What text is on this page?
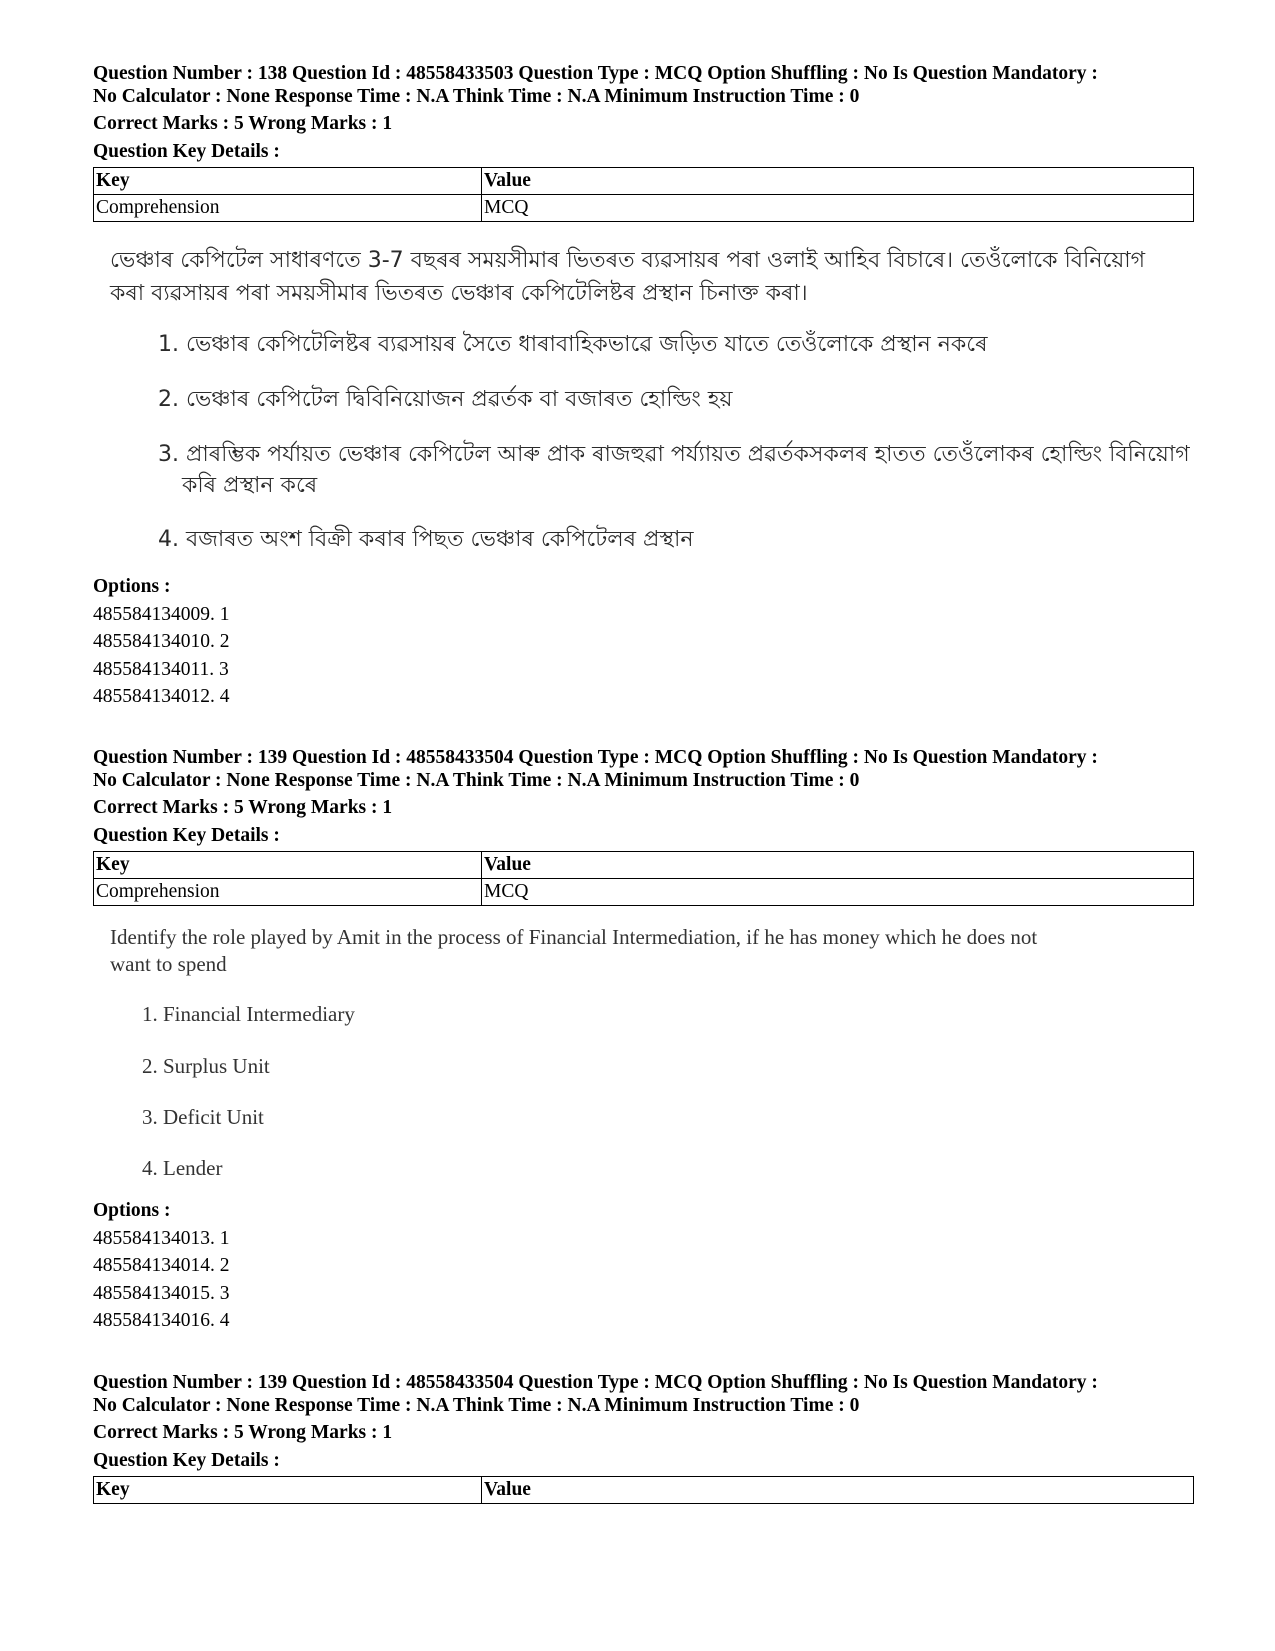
Question Number : 138 Question Id : 48558433503 Question Type : MCQ Option Shuffling : No Is Question Mandatory :

No Calculator : None Response Time : N.A Think Time : N.A Minimum Instruction Time : 0

Correct Marks : 5 Wrong Marks : 1

Question Key Details :

Key	Value
Comprehension	MCQ

ভেঞ্চাৰ কেপিটেল সাধাৰণতে 3-7 বছৰৰ সময়সীমাৰ ভিতৰত ব্যৱসায়ৰ পৰা ওলাই আহিব বিচাৰে। তেওঁলোকে বিনিয়োগ কৰা ব্যৱসায়ৰ পৰা সময়সীমাৰ ভিতৰত ভেঞ্চাৰ কেপিটেলিষ্টৰ প্ৰস্থান চিনাক্ত কৰা।

1. ভেঞ্চাৰ কেপিটেলিষ্টৰ ব্যৱসায়ৰ সৈতে ধাৰাবাহিকভাৱে জড়িত যাতে তেওঁলোকে প্ৰস্থান নকৰে

2. ভেঞ্চাৰ কেপিটেল দ্বিবিনিয়োজন প্ৰৱৰ্তক বা বজাৰত হোল্ডিং হয়

3. প্ৰাৰম্ভিক পৰ্যায়ত ভেঞ্চাৰ কেপিটেল আৰু প্ৰাক ৰাজহুৱা পৰ্য্যায়ত প্ৰৱৰ্তকসকলৰ হাতত তেওঁলোকৰ হোল্ডিং বিনিয়োগ কৰি প্ৰস্থান কৰে

4. বজাৰত অংশ বিক্ৰী কৰাৰ পিছত ভেঞ্চাৰ কেপিটেলৰ প্ৰস্থান

Options :

485584134009. 1

485584134010. 2

485584134011. 3

485584134012. 4

Question Number : 139 Question Id : 48558433504 Question Type : MCQ Option Shuffling : No Is Question Mandatory :

No Calculator : None Response Time : N.A Think Time : N.A Minimum Instruction Time : 0

Correct Marks : 5 Wrong Marks : 1

Question Key Details :

Key	Value
Comprehension	MCQ

Identify the role played by Amit in the process of Financial Intermediation, if he has money which he does not

want to spend

1. Financial Intermediary

2. Surplus Unit

3. Deficit Unit

4. Lender

Options :

485584134013. 1

485584134014. 2

485584134015. 3

485584134016. 4

Question Number : 139 Question Id : 48558433504 Question Type : MCQ Option Shuffling : No Is Question Mandatory :

No Calculator : None Response Time : N.A Think Time : N.A Minimum Instruction Time : 0

Correct Marks : 5 Wrong Marks : 1

Question Key Details :

Key	Value
